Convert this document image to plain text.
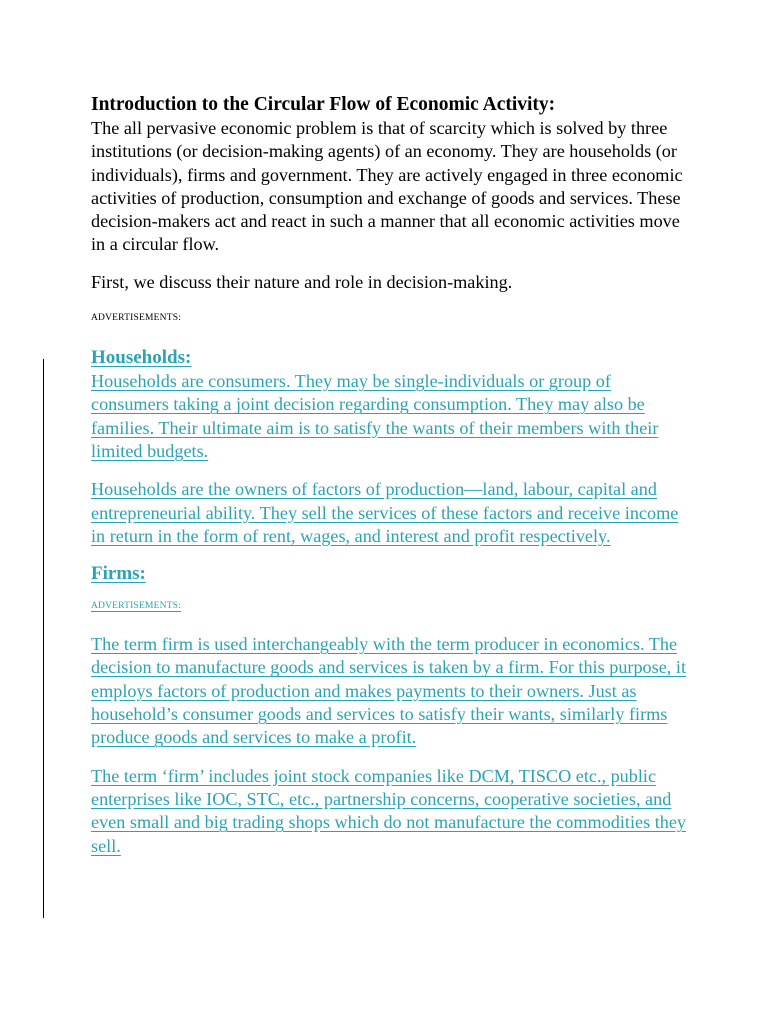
Introduction to the Circular Flow of Economic Activity:

The all pervasive economic problem is that of scarcity which is solved by three institutions (or decision-making agents) of an economy. They are households (or individuals), firms and government. They are actively engaged in three economic activities of production, consumption and exchange of goods and services. These decision-makers act and react in such a manner that all economic activities move in a circular flow.

First, we discuss their nature and role in decision-making.

ADVERTISEMENTS:

Households:

Households are consumers. They may be single-individuals or group of consumers taking a joint decision regarding consumption. They may also be families. Their ultimate aim is to satisfy the wants of their members with their limited budgets.

Households are the owners of factors of production—land, labour, capital and entrepreneurial ability. They sell the services of these factors and receive income in return in the form of rent, wages, and interest and profit respectively.

Firms:

ADVERTISEMENTS:

The term firm is used interchangeably with the term producer in economics. The decision to manufacture goods and services is taken by a firm. For this purpose, it employs factors of production and makes payments to their owners. Just as household’s consumer goods and services to satisfy their wants, similarly firms produce goods and services to make a profit.

The term ‘firm’ includes joint stock companies like DCM, TISCO etc., public enterprises like IOC, STC, etc., partnership concerns, cooperative societies, and even small and big trading shops which do not manufacture the commodities they sell.
